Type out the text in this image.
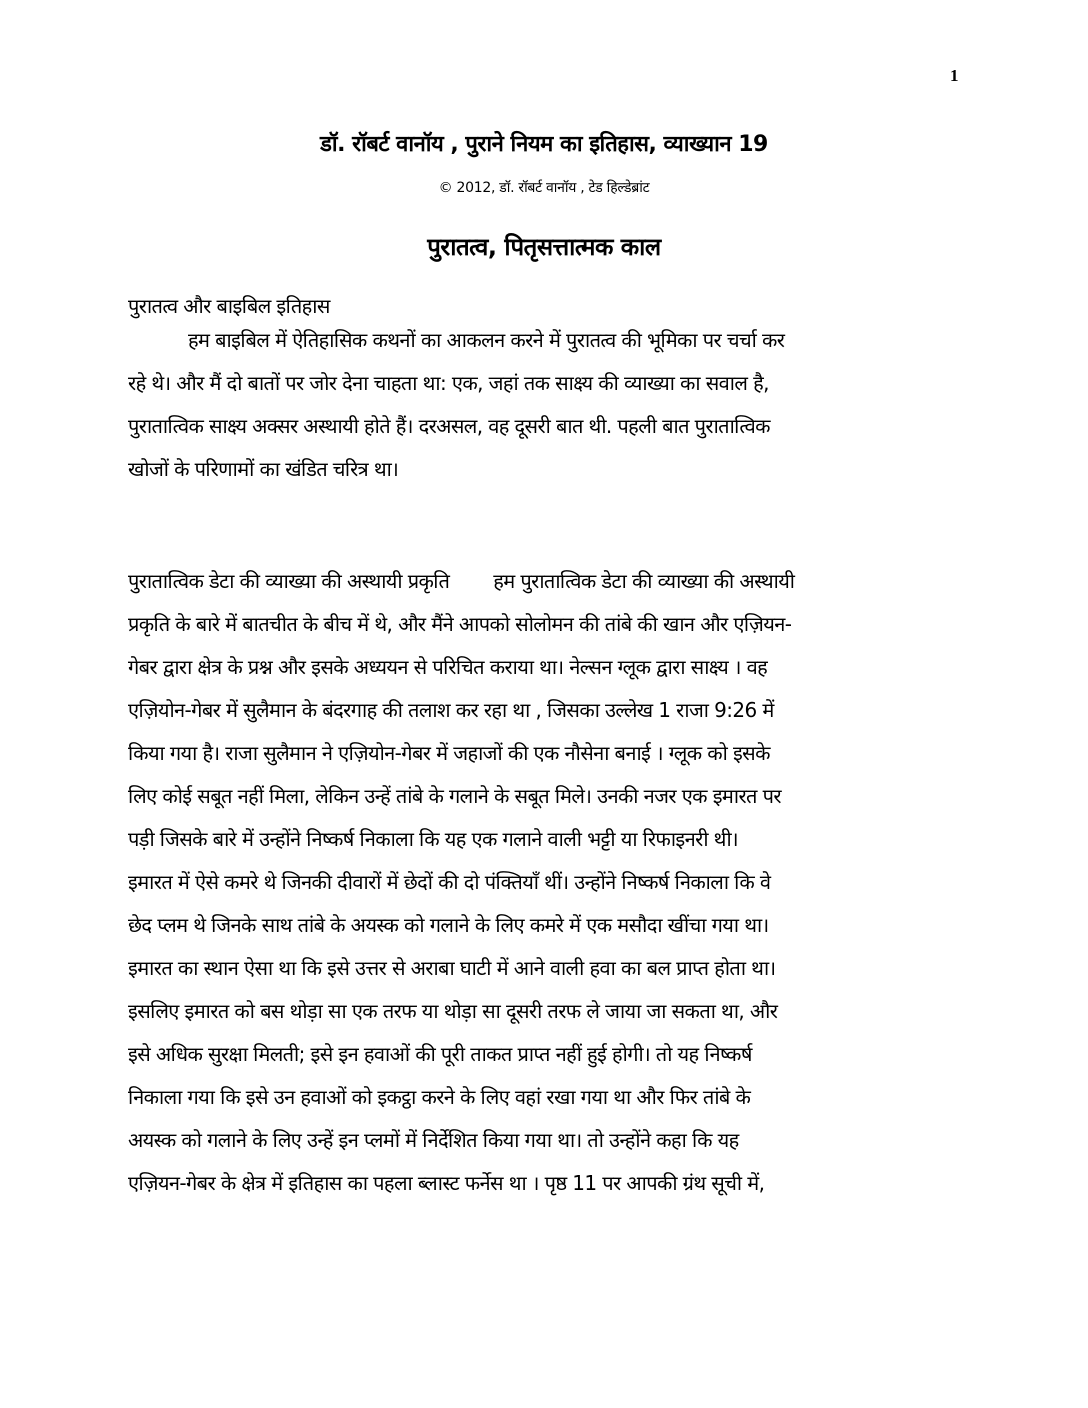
1
डॉ. रॉबर्ट वानॉय , पुराने नियम का इतिहास, व्याख्यान 19
© 2012, डॉ. रॉबर्ट वानॉय , टेड हिल्डेब्रांट
पुरातत्व, पितृसत्तात्मक काल
पुरातत्व और बाइबिल इतिहास
हम बाइबिल में ऐतिहासिक कथनों का आकलन करने में पुरातत्व की भूमिका पर चर्चा कर
रहे थे। और मैं दो बातों पर जोर देना चाहता था: एक, जहां तक साक्ष्य की व्याख्या का सवाल है,
पुरातात्विक साक्ष्य अक्सर अस्थायी होते हैं। दरअसल, वह दूसरी बात थी. पहली बात पुरातात्विक
खोजों के परिणामों का खंडित चरित्र था।
पुरातात्विक डेटा की व्याख्या की अस्थायी प्रकृति हम पुरातात्विक डेटा की व्याख्या की अस्थायी
प्रकृति के बारे में बातचीत के बीच में थे, और मैंने आपको सोलोमन की तांबे की खान और एज़ियन-
गेबर द्वारा क्षेत्र के प्रश्न और इसके अध्ययन से परिचित कराया था। नेल्सन ग्लूक द्वारा साक्ष्य । वह
एज़ियोन-गेबर में सुलैमान के बंदरगाह की तलाश कर रहा था , जिसका उल्लेख 1 राजा 9:26 में
किया गया है। राजा सुलैमान ने एज़ियोन-गेबर में जहाजों की एक नौसेना बनाई । ग्लूक को इसके
लिए कोई सबूत नहीं मिला, लेकिन उन्हें तांबे के गलाने के सबूत मिले। उनकी नजर एक इमारत पर
पड़ी जिसके बारे में उन्होंने निष्कर्ष निकाला कि यह एक गलाने वाली भट्टी या रिफाइनरी थी।
इमारत में ऐसे कमरे थे जिनकी दीवारों में छेदों की दो पंक्तियाँ थीं। उन्होंने निष्कर्ष निकाला कि वे
छेद प्लम थे जिनके साथ तांबे के अयस्क को गलाने के लिए कमरे में एक मसौदा खींचा गया था।
इमारत का स्थान ऐसा था कि इसे उत्तर से अराबा घाटी में आने वाली हवा का बल प्राप्त होता था।
इसलिए इमारत को बस थोड़ा सा एक तरफ या थोड़ा सा दूसरी तरफ ले जाया जा सकता था, और
इसे अधिक सुरक्षा मिलती; इसे इन हवाओं की पूरी ताकत प्राप्त नहीं हुई होगी। तो यह निष्कर्ष
निकाला गया कि इसे उन हवाओं को इकट्ठा करने के लिए वहां रखा गया था और फिर तांबे के
अयस्क को गलाने के लिए उन्हें इन प्लमों में निर्देशित किया गया था। तो उन्होंने कहा कि यह
एज़ियन-गेबर के क्षेत्र में इतिहास का पहला ब्लास्ट फर्नेस था । पृष्ठ 11 पर आपकी ग्रंथ सूची में,
